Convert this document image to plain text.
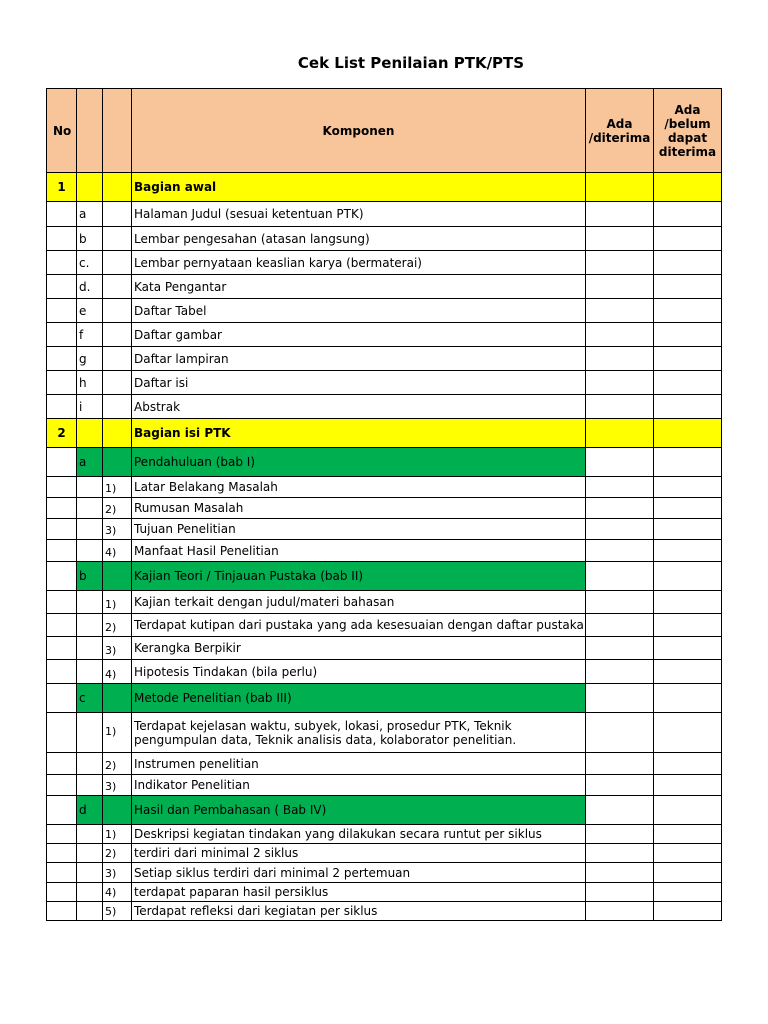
Cek List Penilaian PTK/PTS
No			Komponen	Ada /diterima	Ada /belum dapat diterima
1			Bagian awal		
	a		Halaman Judul (sesuai ketentuan PTK)		
	b		Lembar pengesahan (atasan langsung)		
	c.		Lembar pernyataan keaslian karya (bermaterai)		
	d.		Kata Pengantar		
	e		Daftar Tabel		
	f		Daftar gambar		
	g		Daftar lampiran		
	h		Daftar isi		
	i		Abstrak		
2			Bagian isi PTK		
	a		Pendahuluan (bab I)		
		1)	Latar Belakang Masalah		
		2)	Rumusan Masalah		
		3)	Tujuan Penelitian		
		4)	Manfaat Hasil Penelitian		
	b		Kajian Teori / Tinjauan Pustaka (bab II)		
		1)	Kajian terkait dengan judul/materi bahasan		
		2)	Terdapat kutipan dari pustaka yang ada kesesuaian dengan daftar pustaka		
		3)	Kerangka Berpikir		
		4)	Hipotesis Tindakan (bila perlu)		
	c		Metode Penelitian (bab III)		
		1)	Terdapat kejelasan waktu, subyek, lokasi, prosedur PTK, Teknik pengumpulan data, Teknik analisis data, kolaborator penelitian.		
		2)	Instrumen penelitian		
		3)	Indikator Penelitian		
	d		Hasil dan Pembahasan ( Bab IV)		
		1)	Deskripsi kegiatan tindakan yang dilakukan secara runtut per siklus		
		2)	terdiri dari minimal 2 siklus		
		3)	Setiap siklus terdiri dari minimal 2 pertemuan		
		4)	terdapat paparan hasil persiklus		
		5)	Terdapat refleksi dari kegiatan per siklus		
